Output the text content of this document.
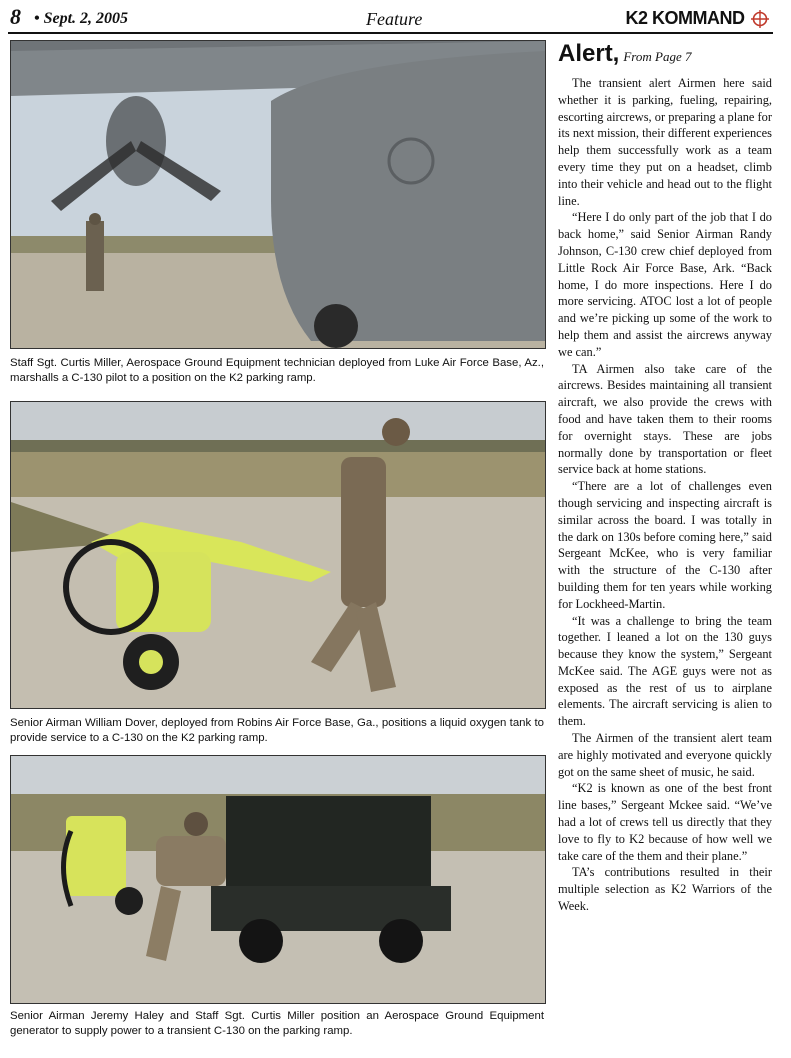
8 • Sept. 2, 2005	Feature	K2 KOMMAND
Staff Sgt. Curtis Miller, Aerospace Ground Equipment technician deployed from Luke Air Force Base, Az., marshalls a C-130 pilot to a position on the K2 parking ramp.
Senior Airman William Dover, deployed from Robins Air Force Base, Ga., positions a liquid oxygen tank to provide service to a C-130 on the K2 parking ramp.
Senior Airman Jeremy Haley and Staff Sgt. Curtis Miller position an Aerospace Ground Equipment generator to supply power to a transient C-130 on the parking ramp.
Alert, From Page 7

The transient alert Airmen here said whether it is parking, fueling, repairing, escorting aircrews, or preparing a plane for its next mission, their different experiences help them successfully work as a team every time they put on a headset, climb into their vehicle and head out to the flight line.

“Here I do only part of the job that I do back home,” said Senior Airman Randy Johnson, C-130 crew chief deployed from Little Rock Air Force Base, Ark. “Back home, I do more inspections. Here I do more servicing. ATOC lost a lot of people and we’re picking up some of the work to help them and assist the aircrews anyway we can.”

TA Airmen also take care of the aircrews. Besides maintaining all transient aircraft, we also provide the crews with food and have taken them to their rooms for overnight stays. These are jobs normally done by transportation or fleet service back at home stations.

“There are a lot of challenges even though servicing and inspecting aircraft is similar across the board. I was totally in the dark on 130s before coming here,” said Sergeant McKee, who is very familiar with the structure of the C-130 after building them for ten years while working for Lockheed-Martin.

“It was a challenge to bring the team together. I leaned a lot on the 130 guys because they know the system,” Sergeant McKee said. The AGE guys were not as exposed as the rest of us to airplane elements. The aircraft servicing is alien to them.

The Airmen of the transient alert team are highly motivated and everyone quickly got on the same sheet of music, he said.

“K2 is known as one of the best front line bases,” Sergeant Mckee said. “We’ve had a lot of crews tell us directly that they love to fly to K2 because of how well we take care of the them and their plane.”

TA’s contributions resulted in their multiple selection as K2 Warriors of the Week.
